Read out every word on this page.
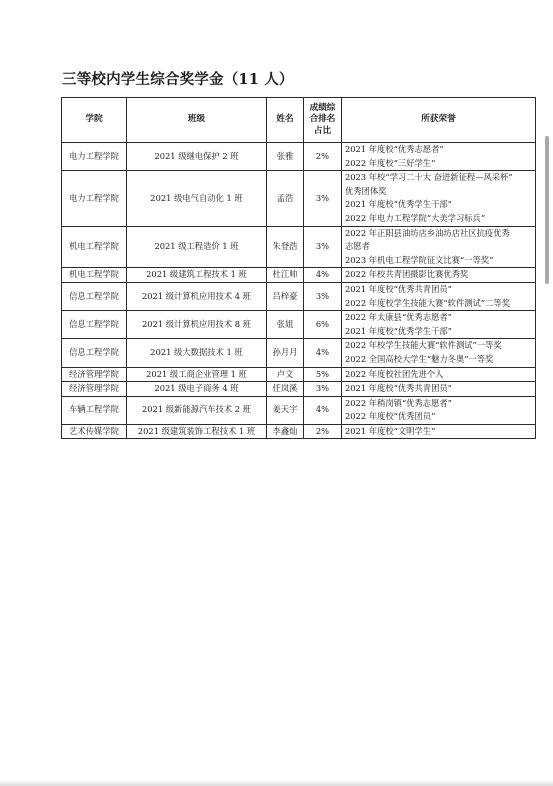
三等校内学生综合奖学金（11 人）
学院	班级	姓名	成绩综合排名占比	所获荣誉
电力工程学院	2021 级继电保护 2 班	张雅	2%	2021 年度校“优秀志愿者”
2022 年度校“三好学生”

电力工程学院	2021 级电气自动化 1 班	孟浩	3%	2023 年校“学习二十大 奋进新征程—风采杯”
优秀团体奖
2021 年度校“优秀学生干部”
2022 年电力工程学院“大美学习标兵”

机电工程学院	2021 级工程造价 1 班	朱登浩	3%	2022 年正阳县油坊店乡油坊店社区抗疫优秀
志愿者
2023 年机电工程学院征文比赛“一等奖”

机电工程学院	2021 级建筑工程技术 1 班	杜江帅	4%	2022 年校共青团摄影比赛优秀奖

信息工程学院	2021 级计算机应用技术 4 班	吕梓豪	3%	2021 年度校“优秀共青团员”
2022 年度校学生技能大赛“软件测试”二等奖

信息工程学院	2021 级计算机应用技术 8 班	张姐	6%	2022 年太康县“优秀志愿者”
2021 年度校“优秀学生干部”

信息工程学院	2021 级大数据技术 1 班	孙月月	4%	2022 年校学生技能大赛“软件测试”一等奖
2022 全国高校大学生“魅力冬奥”一等奖

经济管理学院	2021 级工商企业管理 1 班	卢文	5%	2022 年度校社团先进个人

经济管理学院	2021 级电子商务 4 班	任岚溪	3%	2021 年度校“优秀共青团员”

车辆工程学院	2021 级新能源汽车技术 2 班	姜天宇	4%	2022 年稍岗镇“优秀志愿者”
2022 年度校“优秀团员”

艺术传媒学院	2021 级建筑装饰工程技术 1 班	李鑫灿	2%	2021 年度校“文明学生”
